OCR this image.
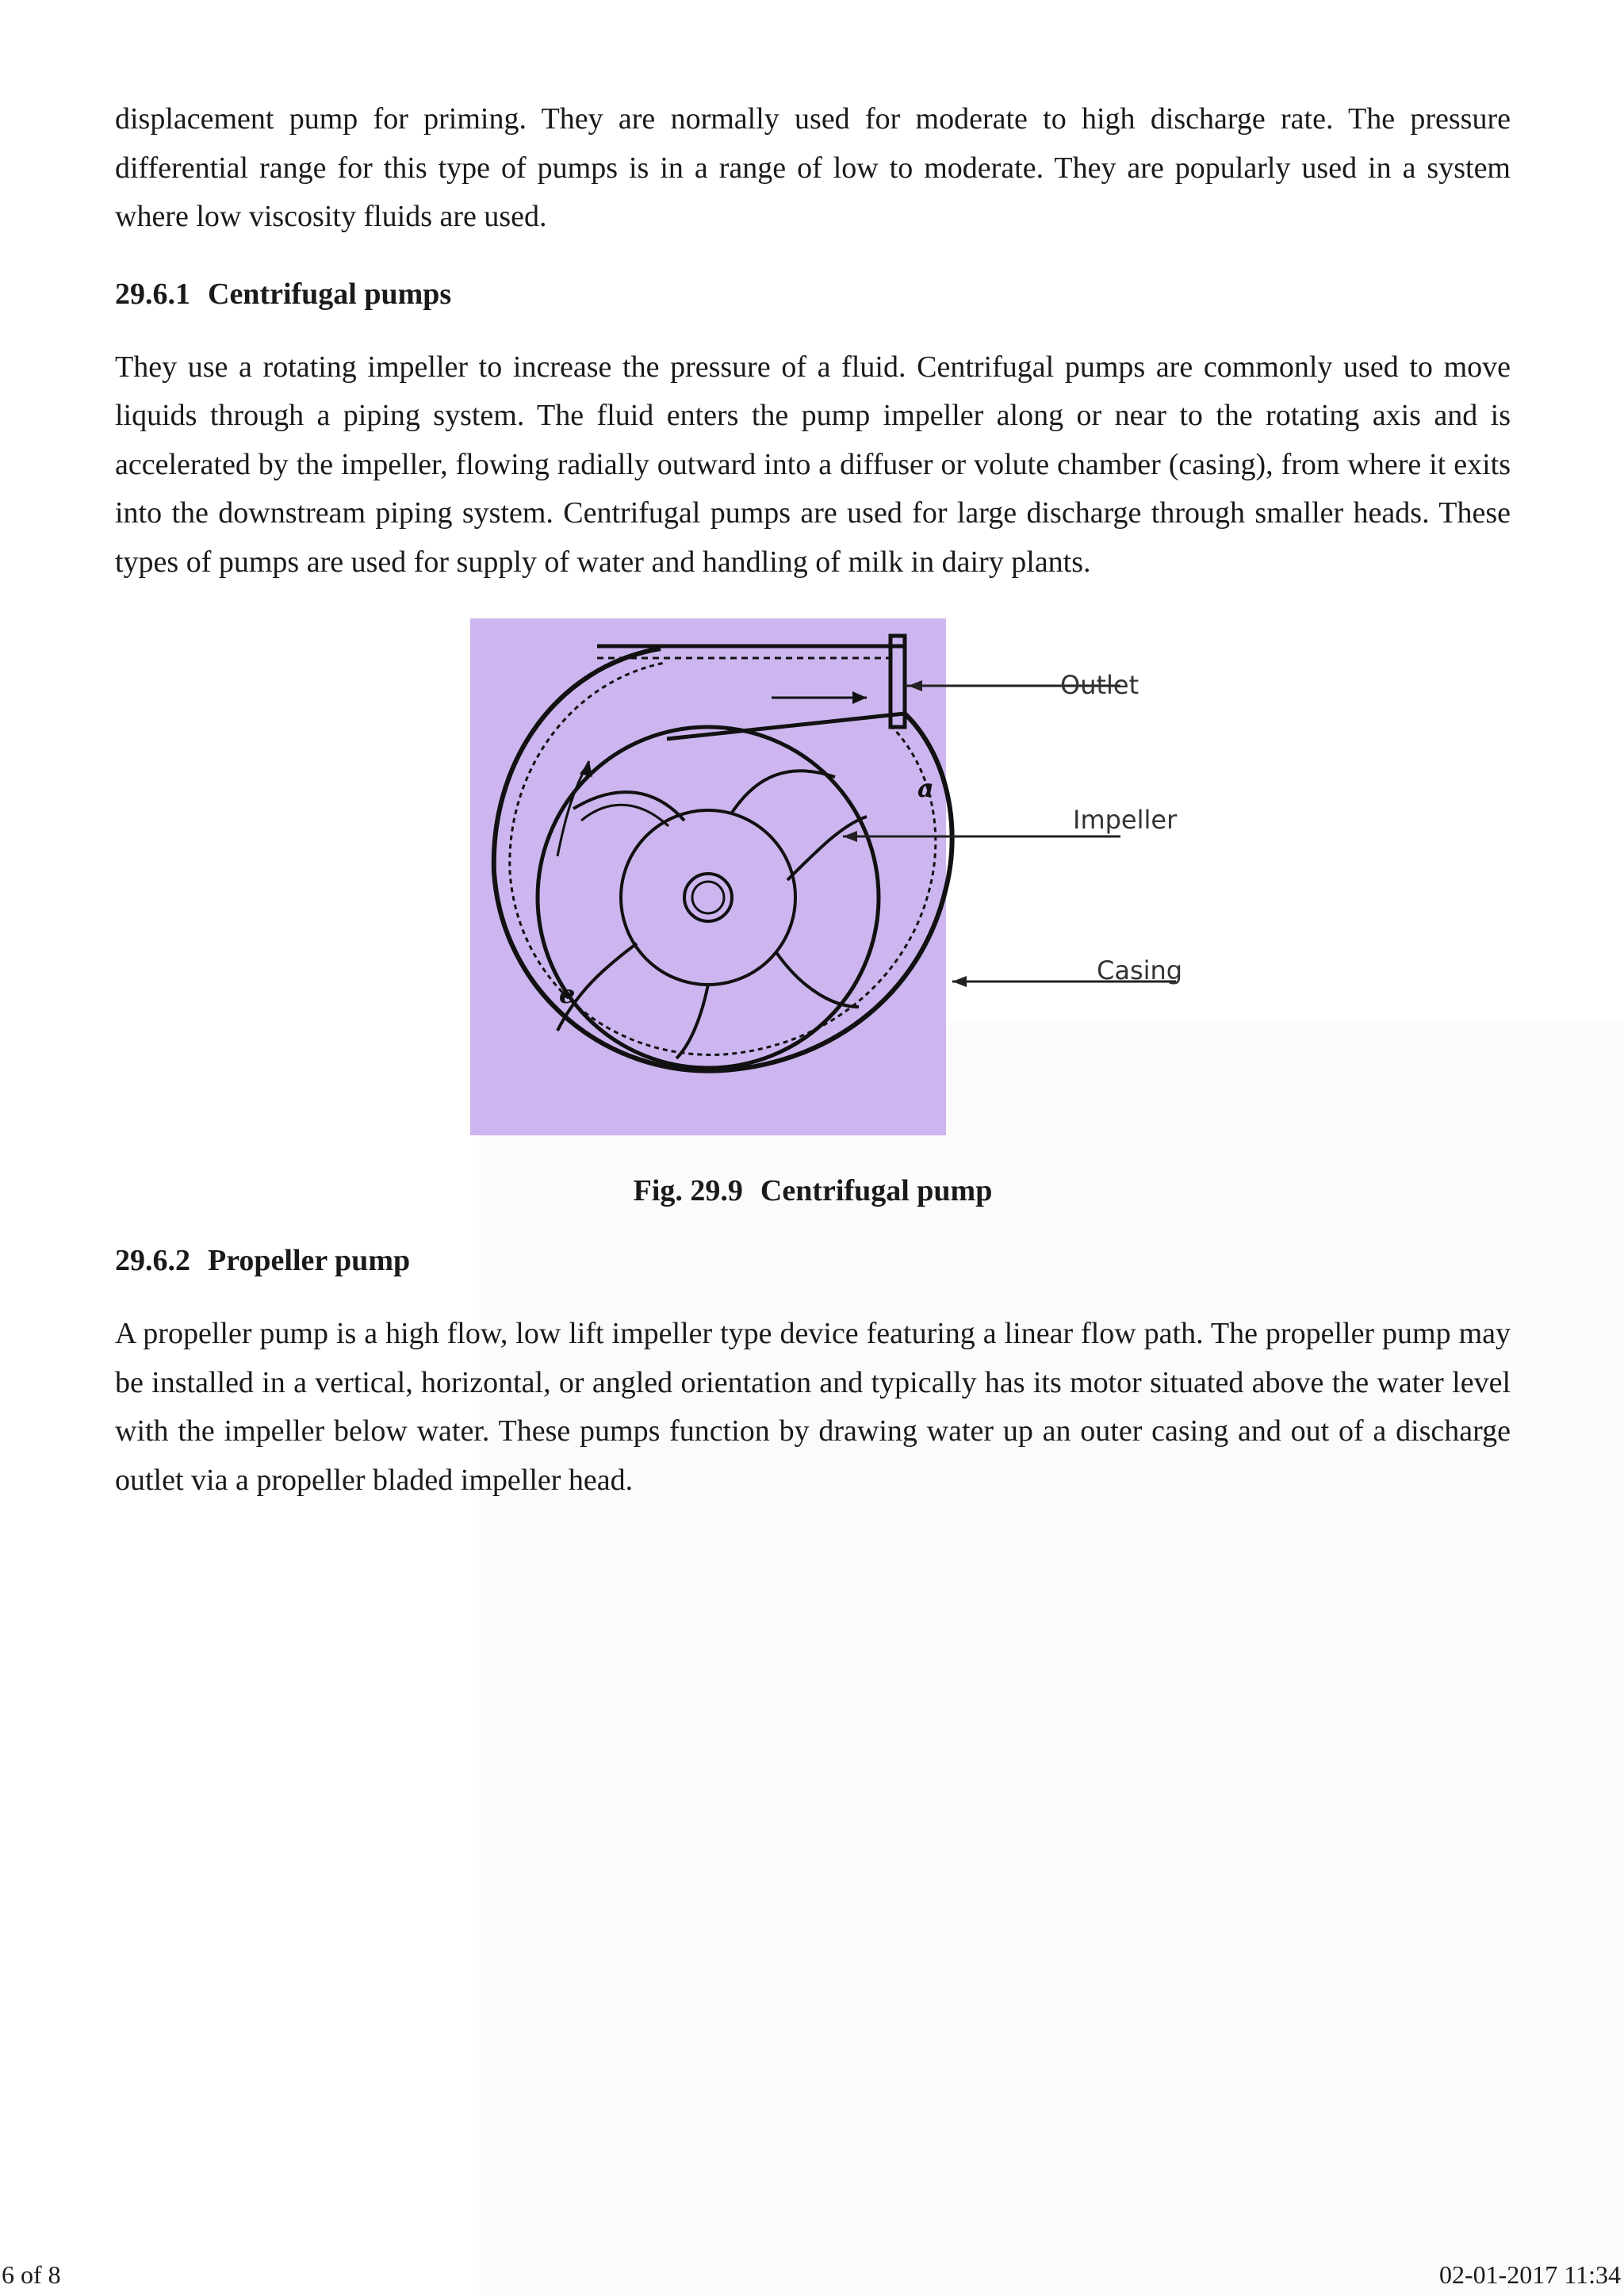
displacement pump for priming. They are normally used for moderate to high discharge rate. The pressure differential range for this type of pumps is in a range of low to moderate. They are popularly used in a system where low viscosity fluids are used.

29.6.1 Centrifugal pumps

They use a rotating impeller to increase the pressure of a fluid. Centrifugal pumps are commonly used to move liquids through a piping system. The fluid enters the pump impeller along or near to the rotating axis and is accelerated by the impeller, flowing radially outward into a diffuser or volute chamber (casing), from where it exits into the downstream piping system. Centrifugal pumps are used for large discharge through smaller heads. These types of pumps are used for supply of water and handling of milk in dairy plants.

a
e
Outlet
Impeller
Casing

Fig. 29.9 Centrifugal pump

29.6.2 Propeller pump

A propeller pump is a high flow, low lift impeller type device featuring a linear flow path. The propeller pump may be installed in a vertical, horizontal, or angled orientation and typically has its motor situated above the water level with the impeller below water. These pumps function by drawing water up an outer casing and out of a discharge outlet via a propeller bladed impeller head.

6 of 8	02-01-2017 11:34
